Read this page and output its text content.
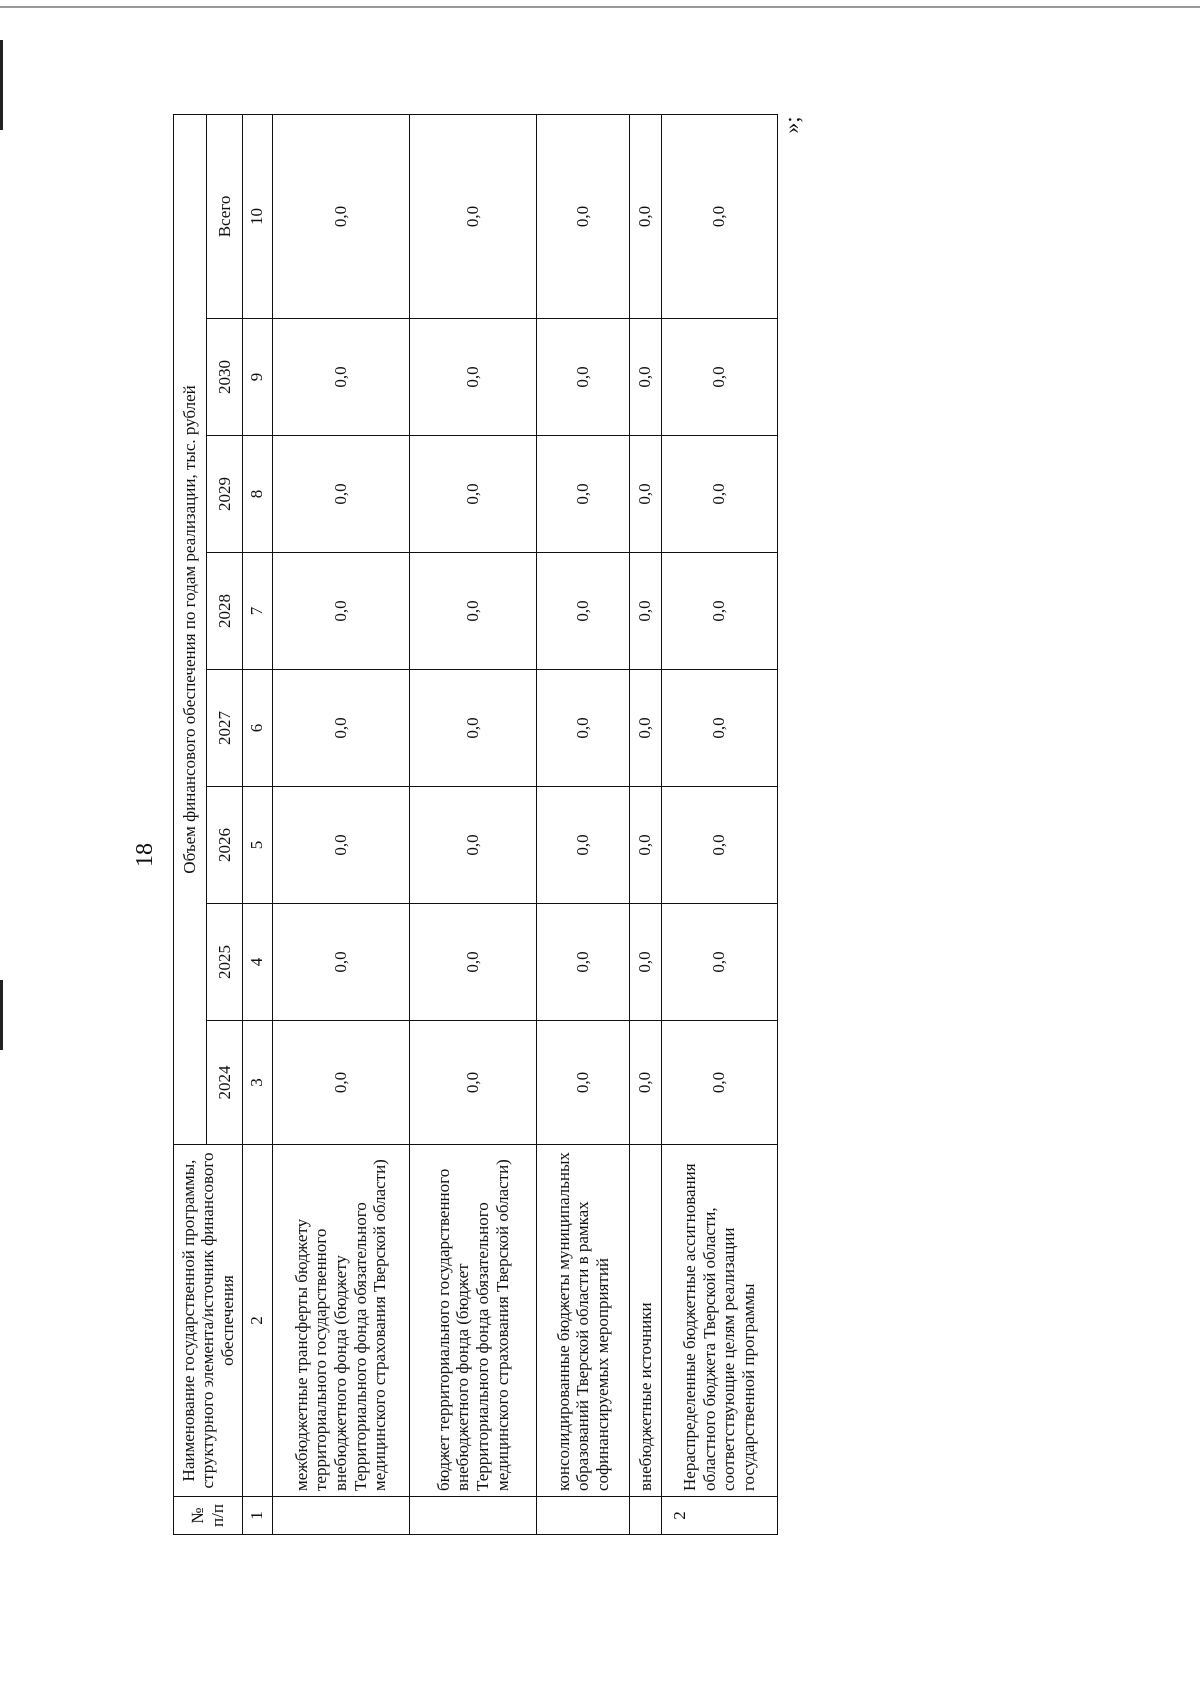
18
»;
№ п/п	Наименование государственной программы, структурного элемента/источник финансового обеспечения	Объем финансового обеспечения по годам реализации, тыс. рублей							
		2024	2025	2026	2027	2028	2029	2030	Всего
1	2	3	4	5	6	7	8	9	10
	межбюджетные трансферты бюджету территориального государственного внебюджетного фонда (бюджету Территориального фонда обязательного медицинского страхования Тверской области)	0,0	0,0	0,0	0,0	0,0	0,0	0,0	0,0
	бюджет территориального государственного внебюджетного фонда (бюджет Территориального фонда обязательного медицинского страхования Тверской области)	0,0	0,0	0,0	0,0	0,0	0,0	0,0	0,0
	консолидированные бюджеты муниципальных образований Тверской области в рамках софинансируемых мероприятий	0,0	0,0	0,0	0,0	0,0	0,0	0,0	0,0
	внебюджетные источники	0,0	0,0	0,0	0,0	0,0	0,0	0,0	0,0
2	Нераспределенные бюджетные ассигнования областного бюджета Тверской области, соответствующие целям реализации государственной программы	0,0	0,0	0,0	0,0	0,0	0,0	0,0	0,0
